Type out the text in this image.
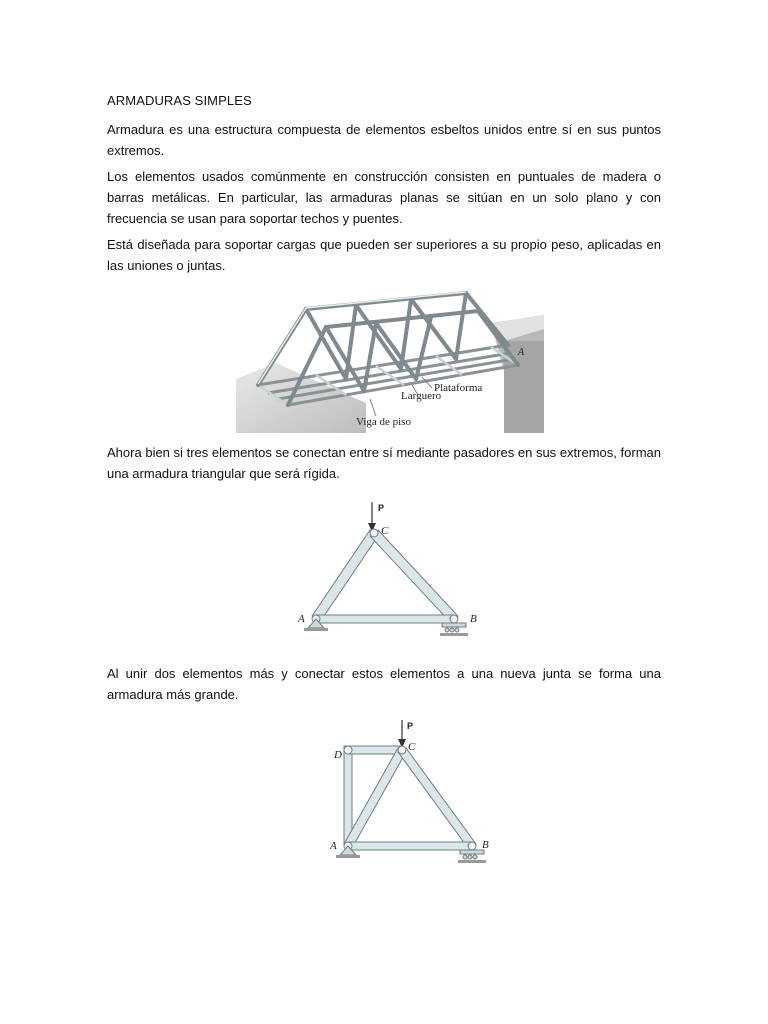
ARMADURAS SIMPLES

Armadura es una estructura compuesta de elementos esbeltos unidos entre sí en sus puntos extremos.

Los elementos usados comúnmente en construcción consisten en puntuales de madera o barras metálicas. En particular, las armaduras planas se sitúan en un solo plano y con frecuencia se usan para soportar techos y puentes.

Está diseñada para soportar cargas que pueden ser superiores a su propio peso, aplicadas en las uniones o juntas.

Plataforma
Larguero
Viga de piso
A

Ahora bien si tres elementos se conectan entre sí mediante pasadores en sus extremos, forman una armadura triangular que será rígida.

P
C
A	B

Al unir dos elementos más y conectar estos elementos a una nueva junta se forma una armadura más grande.

P
C
D
A	B
